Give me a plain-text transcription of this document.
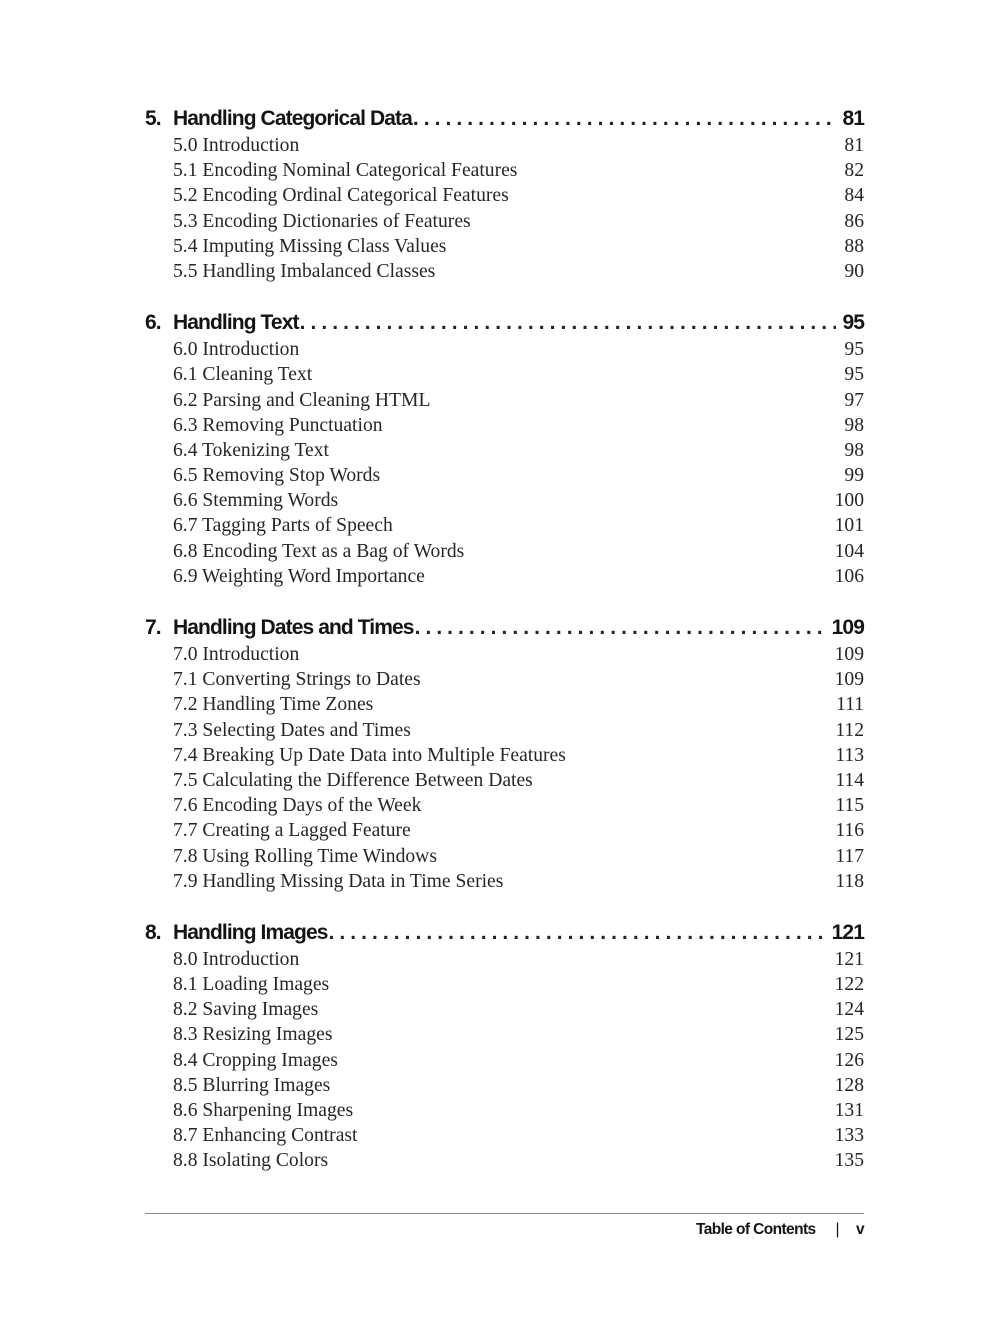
5. Handling Categorical Data . . .	81
5.0 Introduction	81
5.1 Encoding Nominal Categorical Features	82
5.2 Encoding Ordinal Categorical Features	84
5.3 Encoding Dictionaries of Features	86
5.4 Imputing Missing Class Values	88
5.5 Handling Imbalanced Classes	90
6. Handling Text . . .	95
6.0 Introduction	95
6.1 Cleaning Text	95
6.2 Parsing and Cleaning HTML	97
6.3 Removing Punctuation	98
6.4 Tokenizing Text	98
6.5 Removing Stop Words	99
6.6 Stemming Words	100
6.7 Tagging Parts of Speech	101
6.8 Encoding Text as a Bag of Words	104
6.9 Weighting Word Importance	106
7. Handling Dates and Times . . .	109
7.0 Introduction	109
7.1 Converting Strings to Dates	109
7.2 Handling Time Zones	111
7.3 Selecting Dates and Times	112
7.4 Breaking Up Date Data into Multiple Features	113
7.5 Calculating the Difference Between Dates	114
7.6 Encoding Days of the Week	115
7.7 Creating a Lagged Feature	116
7.8 Using Rolling Time Windows	117
7.9 Handling Missing Data in Time Series	118
8. Handling Images . . .	121
8.0 Introduction	121
8.1 Loading Images	122
8.2 Saving Images	124
8.3 Resizing Images	125
8.4 Cropping Images	126
8.5 Blurring Images	128
8.6 Sharpening Images	131
8.7 Enhancing Contrast	133
8.8 Isolating Colors	135
Table of Contents | v
